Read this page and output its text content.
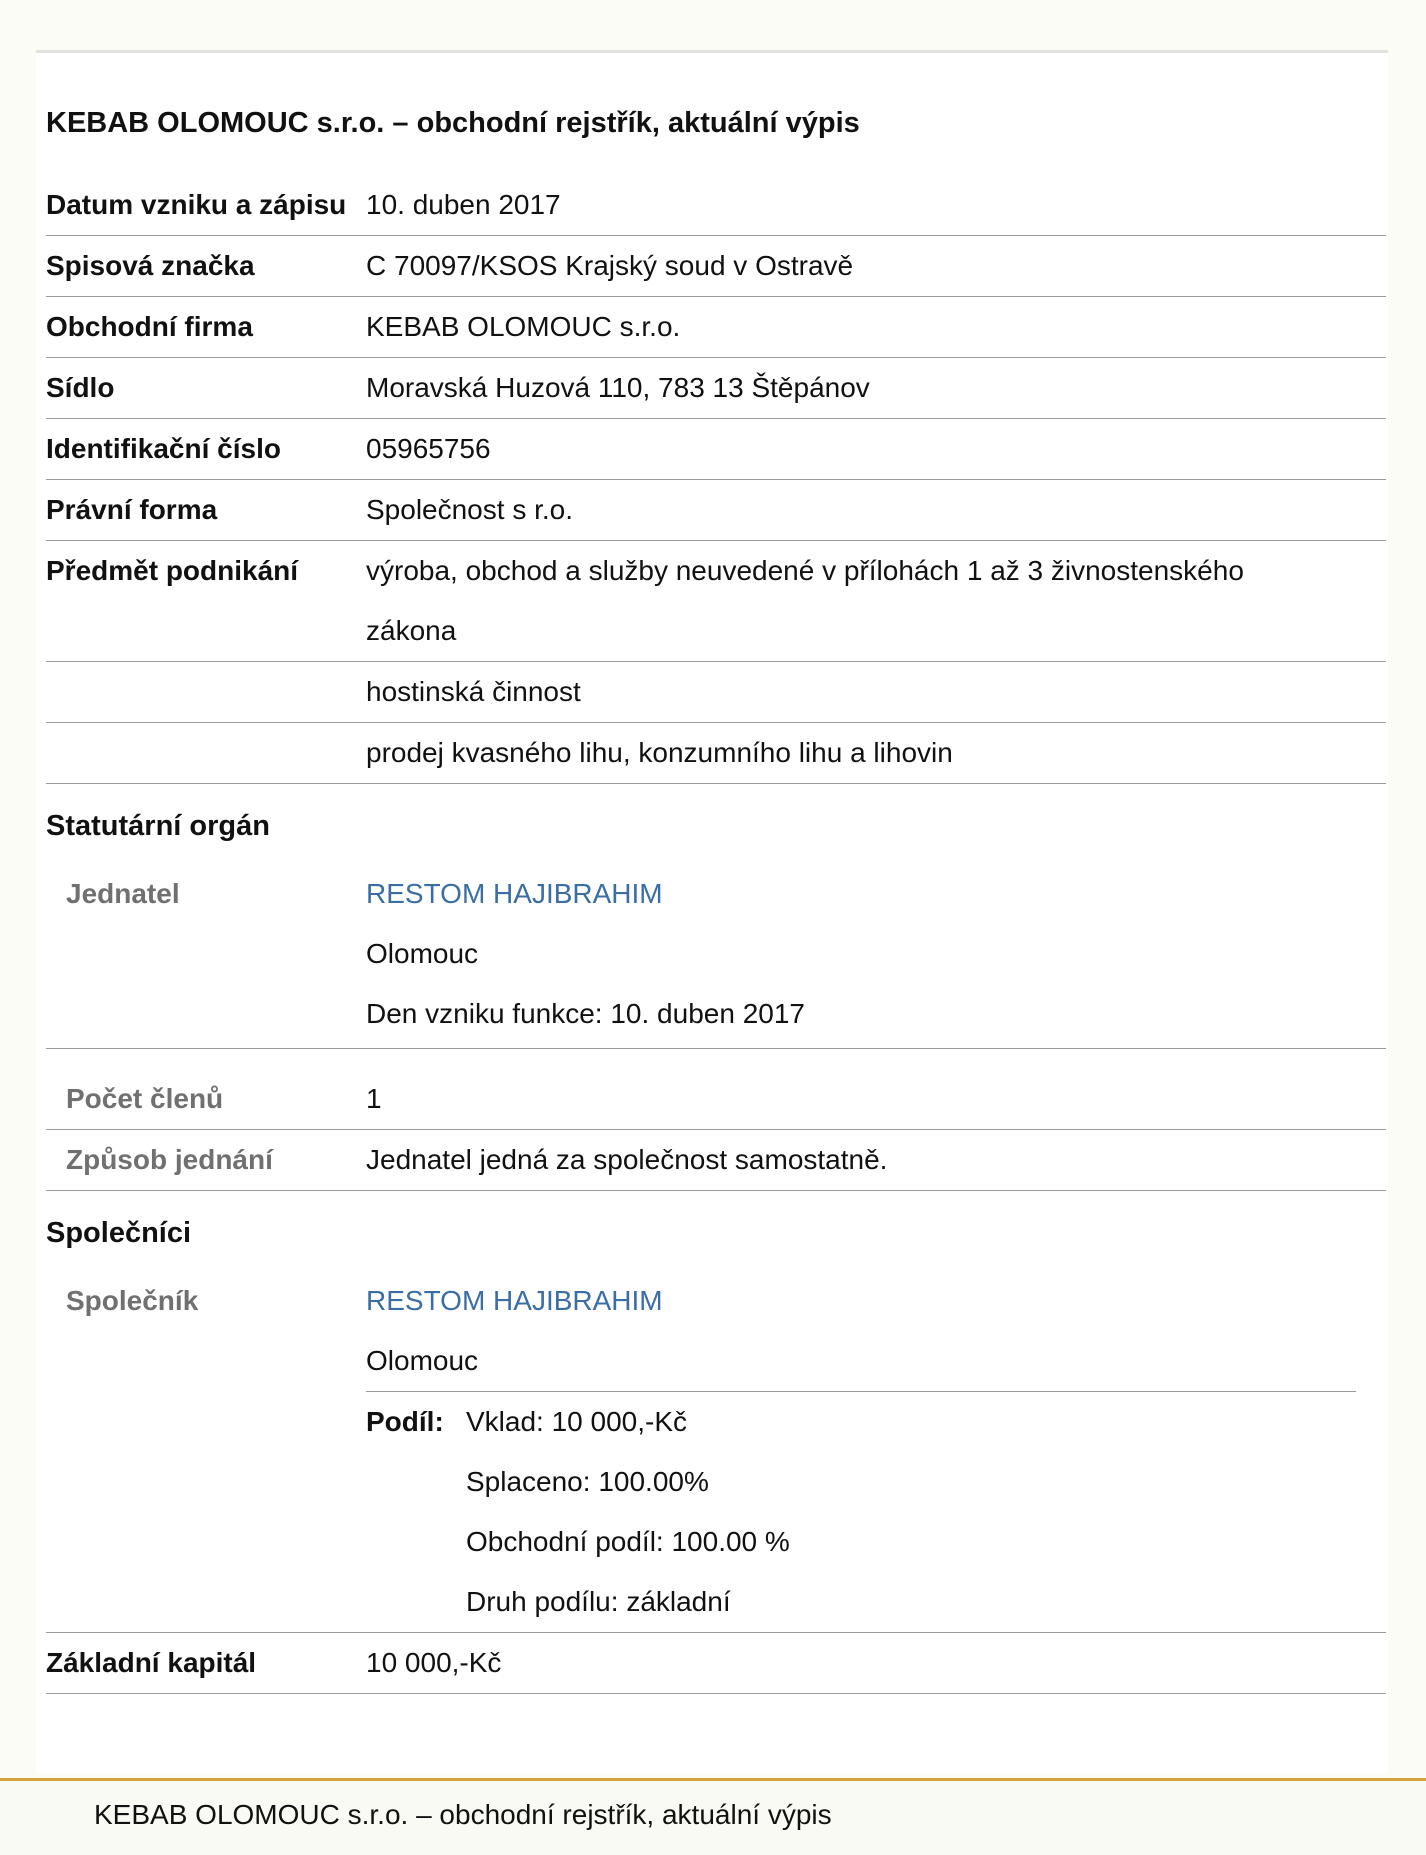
KEBAB OLOMOUC s.r.o. – obchodní rejstřík, aktuální výpis
Datum vzniku a zápisu 10. duben 2017
Spisová značka	C 70097/KSOS Krajský soud v Ostravě
Obchodní firma	KEBAB OLOMOUC s.r.o.
Sídlo	Moravská Huzová 110, 783 13 Štěpánov
Identifikační číslo	05965756
Právní forma	Společnost s r.o.
Předmět podnikání	výroba, obchod a služby neuvedené v přílohách 1 až 3 živnostenského zákona
hostinská činnost
prodej kvasného lihu, konzumního lihu a lihovin
Statutární orgán
Jednatel	RESTOM HAJIBRAHIM
Olomouc
Den vzniku funkce: 10. duben 2017
Počet členů	1
Způsob jednání	Jednatel jedná za společnost samostatně.
Společníci
Společník	RESTOM HAJIBRAHIM
Olomouc
Podíl: Vklad: 10 000,-Kč
Splaceno: 100.00%
Obchodní podíl: 100.00 %
Druh podílu: základní
Základní kapitál	10 000,-Kč
KEBAB OLOMOUC s.r.o. – obchodní rejstřík, aktuální výpis
